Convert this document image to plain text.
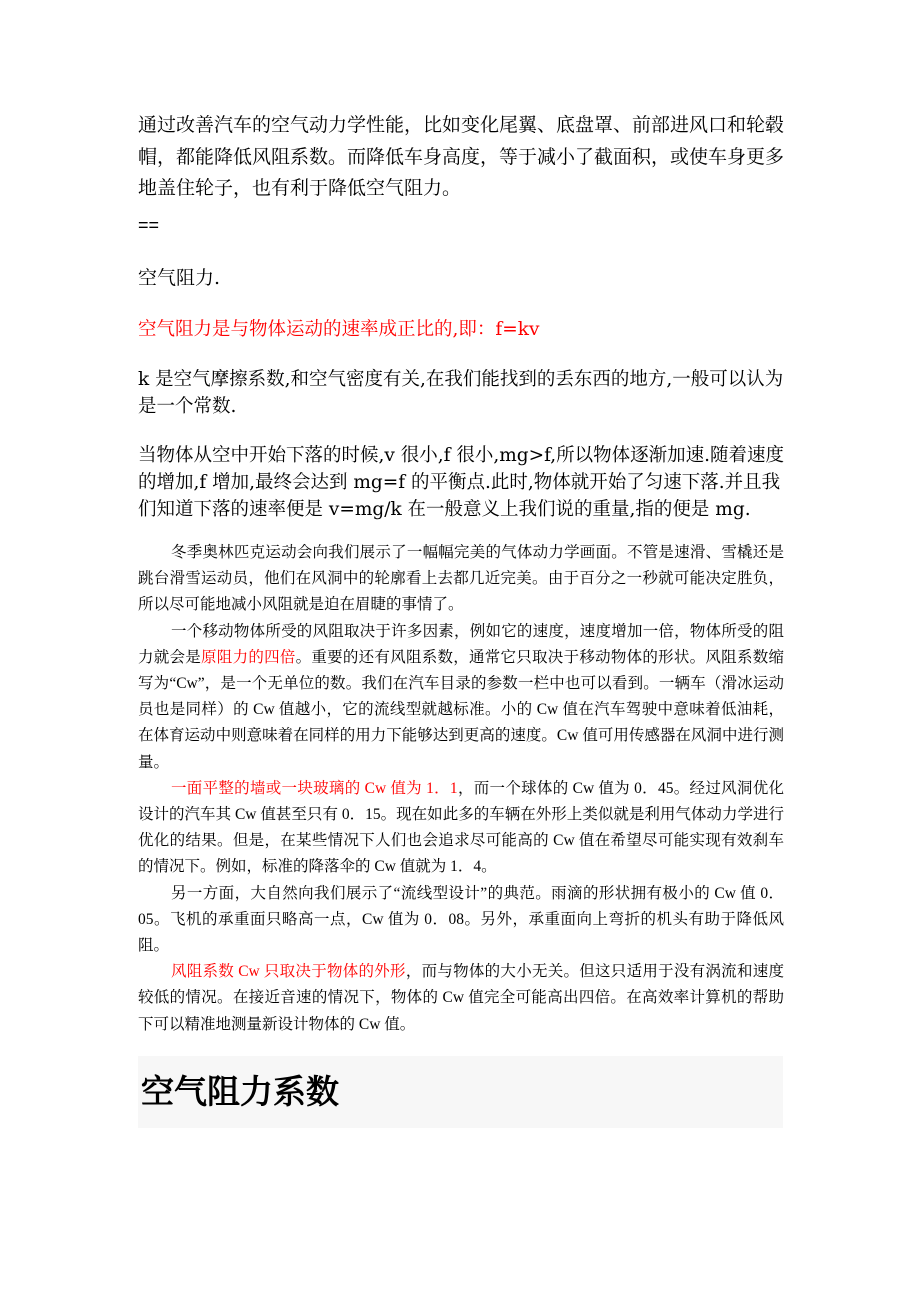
通过改善汽车的空气动力学性能，比如变化尾翼、底盘罩、前部进风口和轮毂帽，都能降低风阻系数。而降低车身高度，等于减小了截面积，或使车身更多地盖住轮子，也有利于降低空气阻力。

==

空气阻力.

空气阻力是与物体运动的速率成正比的,即：f=kv

k 是空气摩擦系数,和空气密度有关,在我们能找到的丢东西的地方,一般可以认为是一个常数.

当物体从空中开始下落的时候,v 很小,f 很小,mg>f,所以物体逐渐加速.随着速度的增加,f 增加,最终会达到 mg=f 的平衡点.此时,物体就开始了匀速下落.并且我们知道下落的速率便是 v=mg/k 在一般意义上我们说的重量,指的便是 mg.

冬季奥林匹克运动会向我们展示了一幅幅完美的气体动力学画面。不管是速滑、雪橇还是跳台滑雪运动员，他们在风洞中的轮廓看上去都几近完美。由于百分之一秒就可能决定胜负，所以尽可能地减小风阻就是迫在眉睫的事情了。

一个移动物体所受的风阻取决于许多因素，例如它的速度，速度增加一倍，物体所受的阻力就会是原阻力的四倍。重要的还有风阻系数，通常它只取决于移动物体的形状。风阻系数缩写为“Cw”，是一个无单位的数。我们在汽车目录的参数一栏中也可以看到。一辆车（滑冰运动员也是同样）的 Cw 值越小，它的流线型就越标准。小的 Cw 值在汽车驾驶中意味着低油耗，在体育运动中则意味着在同样的用力下能够达到更高的速度。Cw 值可用传感器在风洞中进行测量。

一面平整的墙或一块玻璃的 Cw 值为 1．1，而一个球体的 Cw 值为 0．45。经过风洞优化设计的汽车其 Cw 值甚至只有 0．15。现在如此多的车辆在外形上类似就是利用气体动力学进行优化的结果。但是，在某些情况下人们也会追求尽可能高的 Cw 值在希望尽可能实现有效刹车的情况下。例如，标准的降落伞的 Cw 值就为 1．4。

另一方面，大自然向我们展示了“流线型设计”的典范。雨滴的形状拥有极小的 Cw 值 0．05。飞机的承重面只略高一点，Cw 值为 0．08。另外，承重面向上弯折的机头有助于降低风阻。

风阻系数 Cw 只取决于物体的外形，而与物体的大小无关。但这只适用于没有涡流和速度较低的情况。在接近音速的情况下，物体的 Cw 值完全可能高出四倍。在高效率计算机的帮助下可以精准地测量新设计物体的 Cw 值。

空气阻力系数
